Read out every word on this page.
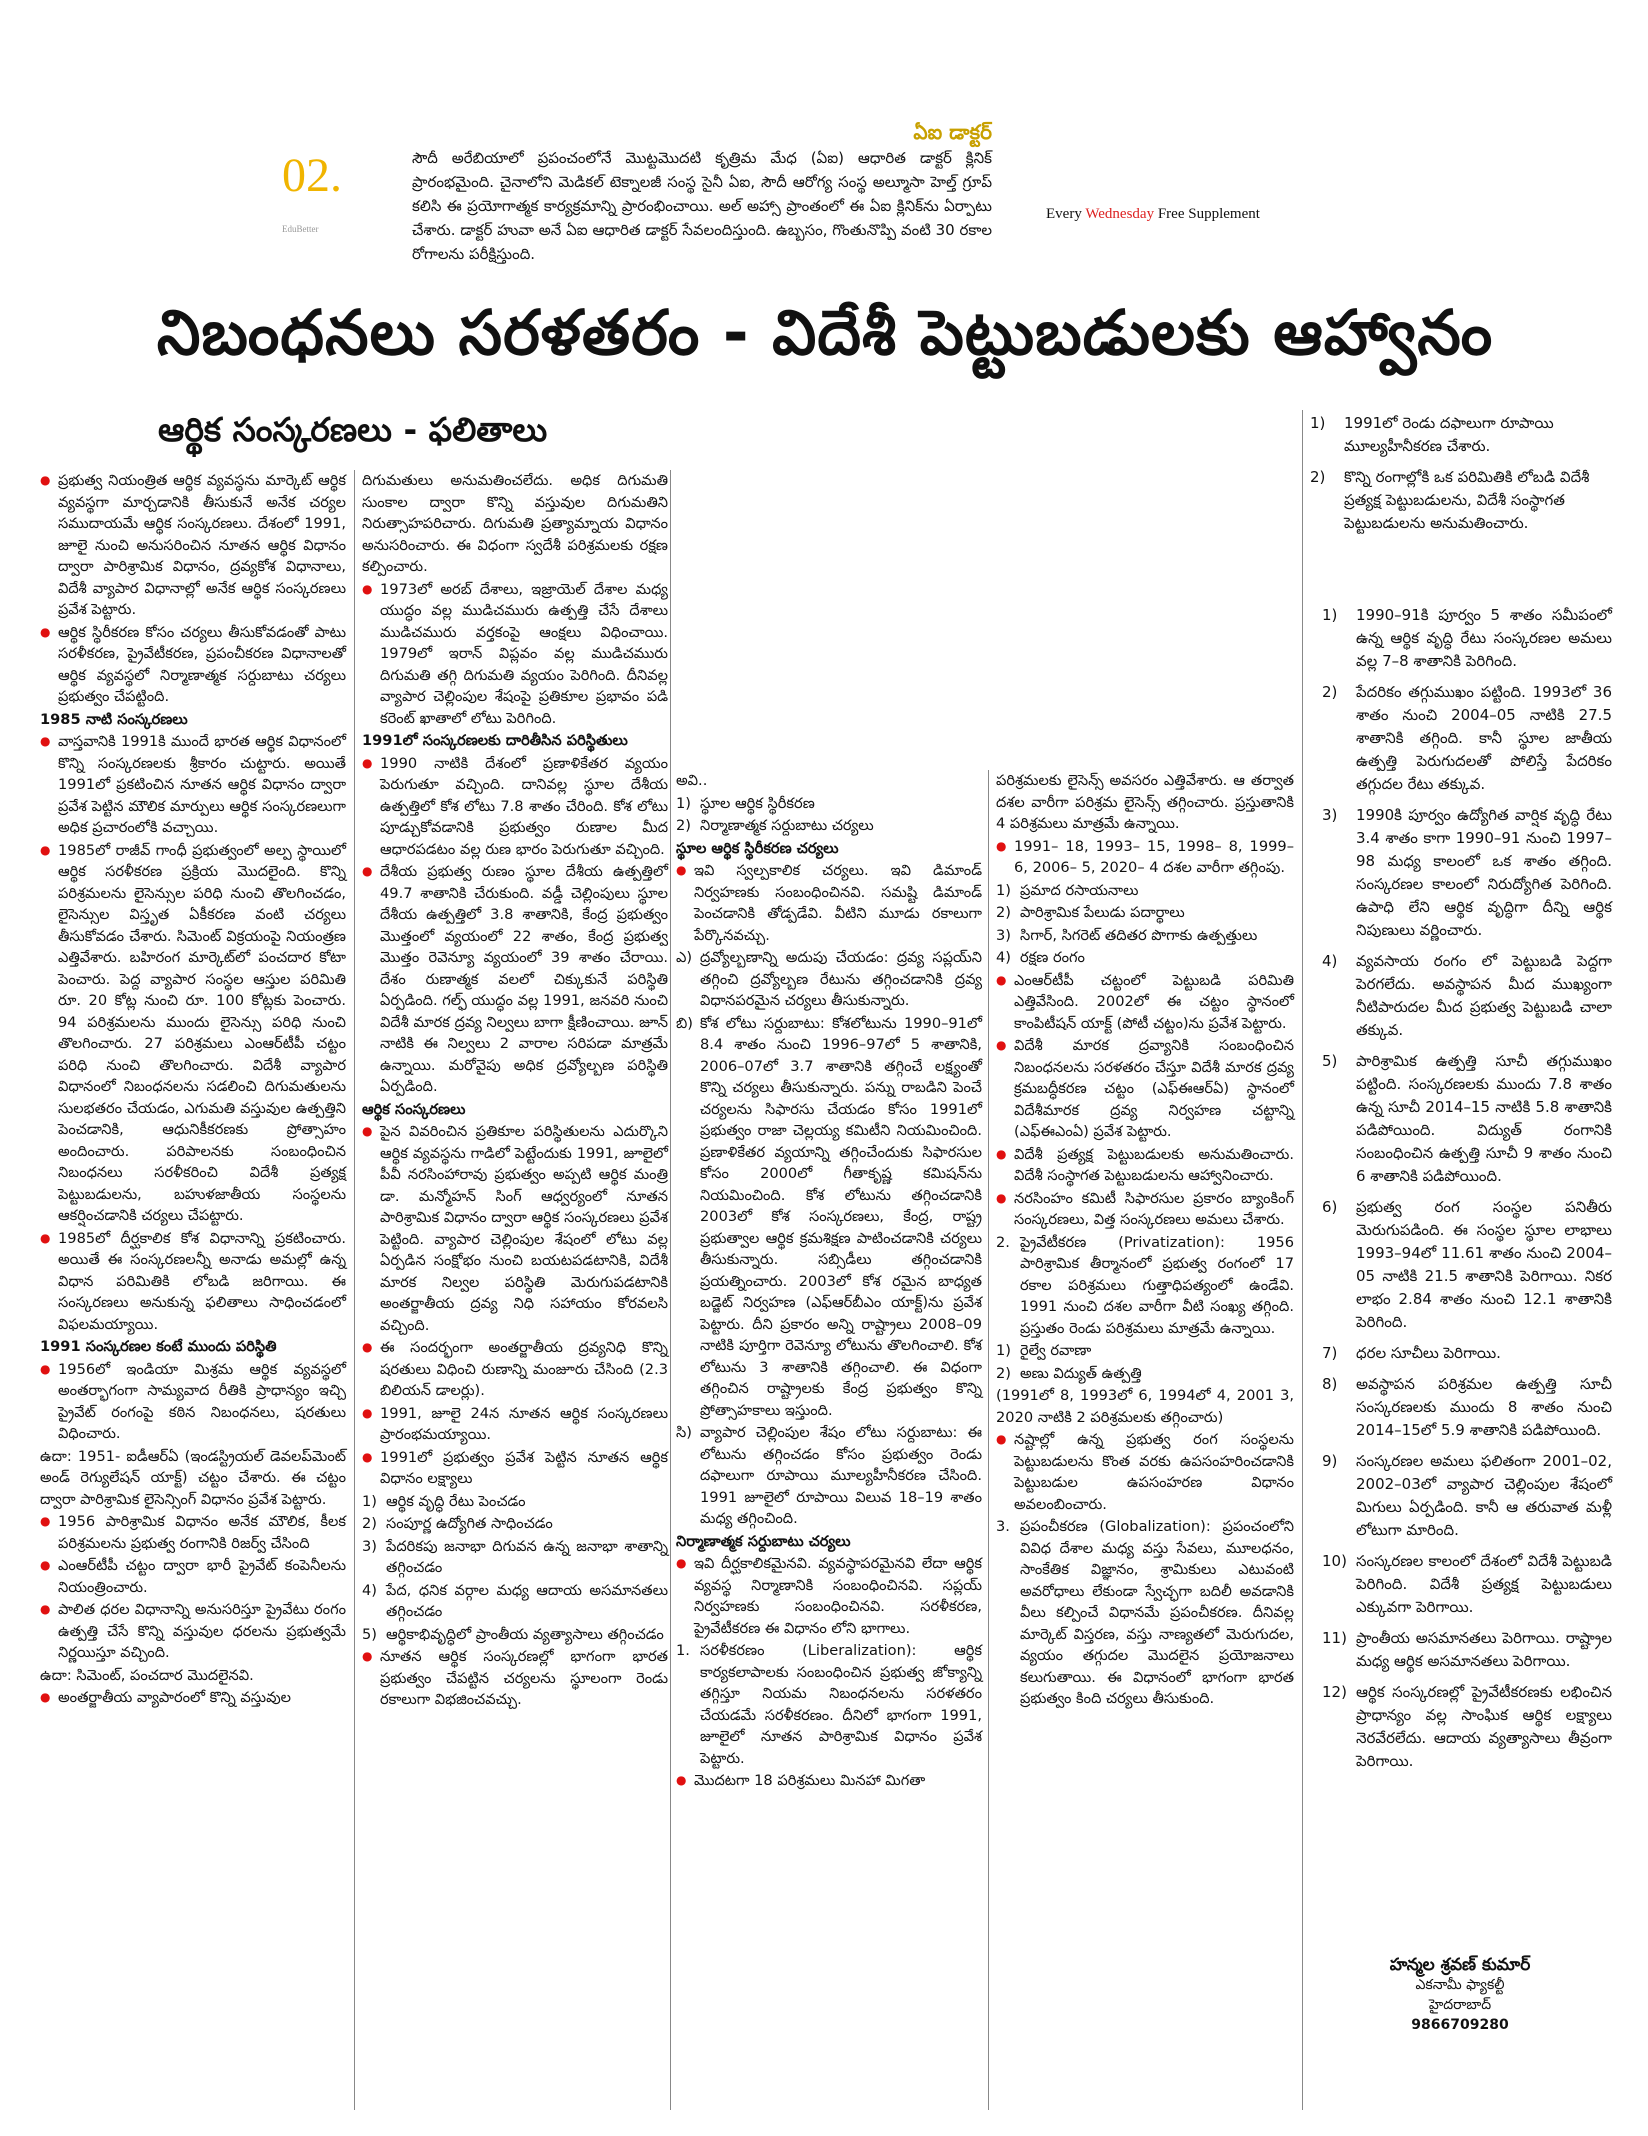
02.
EduBetter
ఏఐ డాక్టర్
సౌదీ అరేబియాలో ప్రపంచంలోనే మొట్టమొదటి కృత్రిమ మేధ (ఏఐ) ఆధారిత డాక్టర్ క్లినిక్ ప్రారంభమైంది. చైనాలోని మెడికల్ టెక్నాలజీ సంస్థ సైనీ ఏఐ, సౌదీ ఆరోగ్య సంస్థ అల్మూసా హెల్త్ గ్రూప్ కలిసి ఈ ప్రయోగాత్మక కార్యక్రమాన్ని ప్రారంభించాయి. అల్ అహ్సా ప్రాంతంలో ఈ ఏఐ క్లినిక్‌ను ఏర్పాటు చేశారు. డాక్టర్ హువా అనే ఏఐ ఆధారిత డాక్టర్ సేవలందిస్తుంది. ఉబ్బసం, గొంతునొప్పి వంటి 30 రకాల రోగాలను పరీక్షిస్తుంది.
Every Wednesday Free Supplement
నిబంధనలు సరళతరం - విదేశీ పెట్టుబడులకు ఆహ్వానం
ఆర్థిక సంస్కరణలు - ఫలితాలు

● ప్రభుత్వ నియంత్రిత ఆర్థిక వ్యవస్థను మార్కెట్ ఆర్థిక వ్యవస్థగా మార్చడానికి తీసుకునే అనేక చర్యల సముదాయమే ఆర్థిక సంస్కరణలు. దేశంలో 1991, జూలై నుంచి అనుసరించిన నూతన ఆర్థిక విధానం ద్వారా పారిశ్రామిక విధానం, ద్రవ్యకోశ విధానాలు, విదేశీ వ్యాపార విధానాల్లో అనేక ఆర్థిక సంస్కరణలు ప్రవేశ పెట్టారు.

● ఆర్థిక స్థిరీకరణ కోసం చర్యలు తీసుకోవడంతో పాటు సరళీకరణ, ప్రైవేటీకరణ, ప్రపంచీకరణ విధానాలతో ఆర్థిక వ్యవస్థలో నిర్మాణాత్మక సర్దుబాటు చర్యలు ప్రభుత్వం చేపట్టింది.

1985 నాటి సంస్కరణలు

● వాస్తవానికి 1991కి ముందే భారత ఆర్థిక విధానంలో కొన్ని సంస్కరణలకు శ్రీకారం చుట్టారు. అయితే 1991లో ప్రకటించిన నూతన ఆర్థిక విధానం ద్వారా ప్రవేశ పెట్టిన మౌలిక మార్పులు ఆర్థిక సంస్కరణలుగా అధిక ప్రచారంలోకి వచ్చాయి.

● 1985లో రాజీవ్ గాంధీ ప్రభుత్వంలో అల్ప స్థాయిలో ఆర్థిక సరళీకరణ ప్రక్రియ మొదలైంది. కొన్ని పరిశ్రమలను లైసెన్సుల పరిధి నుంచి తొలగించడం, లైసెన్సుల విస్తృత ఏకీకరణ వంటి చర్యలు తీసుకోవడం చేశారు. సిమెంట్ విక్రయంపై నియంత్రణ ఎత్తివేశారు. బహిరంగ మార్కెట్‌లో పంచదార కోటా పెంచారు. పెద్ద వ్యాపార సంస్థల ఆస్తుల పరిమితి రూ. 20 కోట్ల నుంచి రూ. 100 కోట్లకు పెంచారు. 94 పరిశ్రమలను ముందు లైసెన్సు పరిధి నుంచి తొలగించారు. 27 పరిశ్రమలు ఎంఆర్‌టీపీ చట్టం పరిధి నుంచి తొలగించారు. విదేశీ వ్యాపార విధానంలో నిబంధనలను సడలించి దిగుమతులను సులభతరం చేయడం, ఎగుమతి వస్తువుల ఉత్పత్తిని పెంచడానికి, ఆధునికీకరణకు ప్రోత్సాహం అందించారు. పరిపాలనకు సంబంధించిన నిబంధనలు సరళీకరించి విదేశీ ప్రత్యక్ష పెట్టుబడులను, బహుళజాతీయ సంస్థలను ఆకర్షించడానికి చర్యలు చేపట్టారు.

● 1985లో దీర్ఘకాలిక కోశ విధానాన్ని ప్రకటించారు. అయితే ఈ సంస్కరణలన్నీ అనాడు అమల్లో ఉన్న విధాన పరిమితికి లోబడి జరిగాయి. ఈ సంస్కరణలు అనుకున్న ఫలితాలు సాధించడంలో విఫలమయ్యాయి.

1991 సంస్కరణల కంటే ముందు పరిస్థితి

● 1956లో ఇండియా మిశ్రమ ఆర్థిక వ్యవస్థలో అంతర్భాగంగా సామ్యవాద రీతికి ప్రాధాన్యం ఇచ్చి ప్రైవేట్ రంగంపై కఠిన నిబంధనలు, షరతులు విధించారు.

ఉదా: 1951- ఐడీఆర్‌ఏ (ఇండస్ట్రియల్ డెవలప్‌మెంట్ అండ్ రెగ్యులేషన్ యాక్ట్) చట్టం చేశారు. ఈ చట్టం ద్వారా పారిశ్రామిక లైసెన్సింగ్ విధానం ప్రవేశ పెట్టారు.

● 1956 పారిశ్రామిక విధానం అనేక మౌలిక, కీలక పరిశ్రమలను ప్రభుత్వ రంగానికి రిజర్వ్ చేసింది

● ఎంఆర్‌టీపీ చట్టం ద్వారా భారీ ప్రైవేట్ కంపెనీలను నియంత్రించారు.

● పాలిత ధరల విధానాన్ని అనుసరిస్తూ ప్రైవేటు రంగం ఉత్పత్తి చేసే కొన్ని వస్తువుల ధరలను ప్రభుత్వమే నిర్ణయిస్తూ వచ్చింది.

ఉదా: సిమెంట్, పంచదార మొదలైనవి.

● అంతర్జాతీయ వ్యాపారంలో కొన్ని వస్తువుల

దిగుమతులు అనుమతించలేదు. అధిక దిగుమతి సుంకాల ద్వారా కొన్ని వస్తువుల దిగుమతిని నిరుత్సాహపరిచారు. దిగుమతి ప్రత్యామ్నాయ విధానం అనుసరించారు. ఈ విధంగా స్వదేశీ పరిశ్రమలకు రక్షణ కల్పించారు.

● 1973లో అరబ్ దేశాలు, ఇజ్రాయెల్ దేశాల మధ్య యుద్ధం వల్ల ముడిచమురు ఉత్పత్తి చేసే దేశాలు ముడిచమురు వర్తకంపై ఆంక్షలు విధించాయి. 1979లో ఇరాన్ విప్లవం వల్ల ముడిచమురు దిగుమతి తగ్గి దిగుమతి వ్యయం పెరిగింది. దీనివల్ల వ్యాపార చెల్లింపుల శేషంపై ప్రతికూల ప్రభావం పడి కరెంట్ ఖాతాలో లోటు పెరిగింది.

1991లో సంస్కరణలకు దారితీసిన పరిస్థితులు

● 1990 నాటికి దేశంలో ప్రణాళికేతర వ్యయం పెరుగుతూ వచ్చింది. దానివల్ల స్థూల దేశీయ ఉత్పత్తిలో కోశ లోటు 7.8 శాతం చేరింది. కోశ లోటు పూడ్చుకోవడానికి ప్రభుత్వం రుణాల మీద ఆధారపడటం వల్ల రుణ భారం పెరుగుతూ వచ్చింది.

● దేశీయ ప్రభుత్వ రుణం స్థూల దేశీయ ఉత్పత్తిలో 49.7 శాతానికి చేరుకుంది. వడ్డీ చెల్లింపులు స్థూల దేశీయ ఉత్పత్తిలో 3.8 శాతానికి, కేంద్ర ప్రభుత్వం మొత్తంలో వ్యయంలో 22 శాతం, కేంద్ర ప్రభుత్వ మొత్తం రెవెన్యూ వ్యయంలో 39 శాతం చేరాయి. దేశం రుణాత్మక వలలో చిక్కుకునే పరిస్థితి ఏర్పడింది. గల్ఫ్ యుద్ధం వల్ల 1991, జనవరి నుంచి విదేశీ మారక ద్రవ్య నిల్వలు బాగా క్షీణించాయి. జూన్ నాటికి ఈ నిల్వలు 2 వారాల సరిపడా మాత్రమే ఉన్నాయి. మరోవైపు అధిక ద్రవ్యోల్బణ పరిస్థితి ఏర్పడింది.

ఆర్థిక సంస్కరణలు

● పైన వివరించిన ప్రతికూల పరిస్థితులను ఎదుర్కొని ఆర్థిక వ్యవస్థను గాడిలో పెట్టేందుకు 1991, జూలైలో పీవీ నరసింహారావు ప్రభుత్వం అప్పటి ఆర్థిక మంత్రి డా. మన్మోహన్ సింగ్ ఆధ్వర్యంలో నూతన పారిశ్రామిక విధానం ద్వారా ఆర్థిక సంస్కరణలు ప్రవేశ పెట్టింది. వ్యాపార చెల్లింపుల శేషంలో లోటు వల్ల ఏర్పడిన సంక్షోభం నుంచి బయటపడటానికి, విదేశీ మారక నిల్వల పరిస్థితి మెరుగుపడటానికి అంతర్జాతీయ ద్రవ్య నిధి సహాయం కోరవలసి వచ్చింది.

● ఈ సందర్భంగా అంతర్జాతీయ ద్రవ్యనిధి కొన్ని షరతులు విధించి రుణాన్ని మంజూరు చేసింది (2.3 బిలియన్ డాలర్లు).

● 1991, జూలై 24న నూతన ఆర్థిక సంస్కరణలు ప్రారంభమయ్యాయి.

● 1991లో ప్రభుత్వం ప్రవేశ పెట్టిన నూతన ఆర్థిక విధానం లక్ష్యాలు

1) ఆర్థిక వృద్ధి రేటు పెంచడం

2) సంపూర్ణ ఉద్యోగిత సాధించడం

3) పేదరికపు జనాభా దిగువన ఉన్న జనాభా శాతాన్ని తగ్గించడం

4) పేద, ధనిక వర్గాల మధ్య ఆదాయ అసమానతలు తగ్గించడం

5) ఆర్థికాభివృద్ధిలో ప్రాంతీయ వ్యత్యాసాలు తగ్గించడం

● నూతన ఆర్థిక సంస్కరణల్లో భాగంగా భారత ప్రభుత్వం చేపట్టిన చర్యలను స్థూలంగా రెండు రకాలుగా విభజించవచ్చు.

అవి..

1) స్థూల ఆర్థిక స్థిరీకరణ

2) నిర్మాణాత్మక సర్దుబాటు చర్యలు

స్థూల ఆర్థిక స్థిరీకరణ చర్యలు

● ఇవి స్వల్పకాలిక చర్యలు. ఇవి డిమాండ్ నిర్వహణకు సంబంధించినవి. సమష్టి డిమాండ్ పెంచడానికి తోడ్పడేవి. వీటిని మూడు రకాలుగా పేర్కొనవచ్చు.

ఎ) ద్రవ్యోల్బణాన్ని అదుపు చేయడం: ద్రవ్య సప్లయ్‌ని తగ్గించి ద్రవ్యోల్బణ రేటును తగ్గించడానికి ద్రవ్య విధానపరమైన చర్యలు తీసుకున్నారు.

బి) కోశ లోటు సర్దుబాటు: కోశలోటును 1990–91లో 8.4 శాతం నుంచి 1996–97లో 5 శాతానికి, 2006–07లో 3.7 శాతానికి తగ్గించే లక్ష్యంతో కొన్ని చర్యలు తీసుకున్నారు. పన్ను రాబడిని పెంచే చర్యలను సిఫారసు చేయడం కోసం 1991లో ప్రభుత్వం రాజా చెల్లయ్య కమిటీని నియమించింది. ప్రణాళికేతర వ్యయాన్ని తగ్గించేందుకు సిఫారసుల కోసం 2000లో గీతాకృష్ణ కమిషన్‌ను నియమించింది. కోశ లోటును తగ్గించడానికి 2003లో కోశ సంస్కరణలు, కేంద్ర, రాష్ట్ర ప్రభుత్వాల ఆర్థిక క్రమశిక్షణ పాటించడానికి చర్యలు తీసుకున్నారు. సబ్సిడీలు తగ్గించడానికి ప్రయత్నించారు. 2003లో కోశ రమైన బాధ్యత బడ్జెట్ నిర్వహణ (ఎఫ్‌ఆర్‌బీఎం యాక్ట్)ను ప్రవేశ పెట్టారు. దీని ప్రకారం అన్ని రాష్ట్రాలు 2008–09 నాటికి పూర్తిగా రెవెన్యూ లోటును తొలగించాలి. కోశ లోటును 3 శాతానికి తగ్గించాలి. ఈ విధంగా తగ్గించిన రాష్ట్రాలకు కేంద్ర ప్రభుత్వం కొన్ని ప్రోత్సాహకాలు ఇస్తుంది.

సి) వ్యాపార చెల్లింపుల శేషం లోటు సర్దుబాటు: ఈ లోటును తగ్గించడం కోసం ప్రభుత్వం రెండు దఫాలుగా రూపాయి మూల్యహీనీకరణ చేసింది. 1991 జూలైలో రూపాయి విలువ 18–19 శాతం మధ్య తగ్గించింది.

నిర్మాణాత్మక సర్దుబాటు చర్యలు

● ఇవి దీర్ఘకాలికమైనవి. వ్యవస్థాపరమైనవి లేదా ఆర్థిక వ్యవస్థ నిర్మాణానికి సంబంధించినవి. సప్లయ్ నిర్వహణకు సంబంధించినవి. సరళీకరణ, ప్రైవేటీకరణ ఈ విధానం లోని భాగాలు.

1. సరళీకరణం (Liberalization): ఆర్థిక కార్యకలాపాలకు సంబంధించిన ప్రభుత్వ జోక్యాన్ని తగ్గిస్తూ నియమ నిబంధనలను సరళతరం చేయడమే సరళీకరణం. దీనిలో భాగంగా 1991, జూలైలో నూతన పారిశ్రామిక విధానం ప్రవేశ పెట్టారు.

● మొదటగా 18 పరిశ్రమలు మినహా మిగతా

పరిశ్రమలకు లైసెన్స్ అవసరం ఎత్తివేశారు. ఆ తర్వాత దశల వారీగా పరిశ్రమ లైసెన్స్ తగ్గించారు. ప్రస్తుతానికి 4 పరిశ్రమలు మాత్రమే ఉన్నాయి.

● 1991– 18, 1993– 15, 1998– 8, 1999– 6, 2006– 5, 2020– 4 దశల వారీగా తగ్గింపు.

1) ప్రమాద రసాయనాలు

2) పారిశ్రామిక పేలుడు పదార్థాలు

3) సిగార్, సిగరెట్ తదితర పొగాకు ఉత్పత్తులు

4) రక్షణ రంగం

● ఎంఆర్‌టీపీ చట్టంలో పెట్టుబడి పరిమితి ఎత్తివేసింది. 2002లో ఈ చట్టం స్థానంలో కాంపిటీషన్ యాక్ట్ (పోటీ చట్టం)ను ప్రవేశ పెట్టారు.

● విదేశీ మారక ద్రవ్యానికి సంబంధించిన నిబంధనలను సరళతరం చేస్తూ విదేశీ మారక ద్రవ్య క్రమబద్ధీకరణ చట్టం (ఎఫ్ఈఆర్ఏ) స్థానంలో విదేశీమారక ద్రవ్య నిర్వహణ చట్టాన్ని (ఎఫ్ఈఎంఏ) ప్రవేశ పెట్టారు.

● విదేశీ ప్రత్యక్ష పెట్టుబడులకు అనుమతించారు. విదేశీ సంస్థాగత పెట్టుబడులను ఆహ్వానించారు.

● నరసింహం కమిటీ సిఫారసుల ప్రకారం బ్యాంకింగ్ సంస్కరణలు, విత్త సంస్కరణలు అమలు చేశారు.

2. ప్రైవేటీకరణ (Privatization): 1956 పారిశ్రామిక తీర్మానంలో ప్రభుత్వ రంగంలో 17 రకాల పరిశ్రమలు గుత్తాధిపత్యంలో ఉండేవి. 1991 నుంచి దశల వారీగా వీటి సంఖ్య తగ్గింది. ప్రస్తుతం రెండు పరిశ్రమలు మాత్రమే ఉన్నాయి.

1) రైల్వే రవాణా

2) అణు విద్యుత్ ఉత్పత్తి

(1991లో 8, 1993లో 6, 1994లో 4, 2001 3, 2020 నాటికి 2 పరిశ్రమలకు తగ్గించారు)

● నష్టాల్లో ఉన్న ప్రభుత్వ రంగ సంస్థలను పెట్టుబడులను కొంత వరకు ఉపసంహరించడానికి పెట్టుబడుల ఉపసంహరణ విధానం అవలంబించారు.

3. ప్రపంచీకరణ (Globalization): ప్రపంచంలోని వివిధ దేశాల మధ్య వస్తు సేవలు, మూలధనం, సాంకేతిక విజ్ఞానం, శ్రామికులు ఎటువంటి అవరోధాలు లేకుండా స్వేచ్ఛగా బదిలీ అవడానికి వీలు కల్పించే విధానమే ప్రపంచీకరణ. దీనివల్ల మార్కెట్ విస్తరణ, వస్తు నాణ్యతలో మెరుగుదల, వ్యయం తగ్గుదల మొదలైన ప్రయోజనాలు కలుగుతాయి. ఈ విధానంలో భాగంగా భారత ప్రభుత్వం కింది చర్యలు తీసుకుంది.

1) 1991లో రెండు దఫాలుగా రూపాయి మూల్యహీనీకరణ చేశారు.

2) కొన్ని రంగాల్లోకి ఒక పరిమితికి లోబడి విదేశీ ప్రత్యక్ష పెట్టుబడులను, విదేశీ సంస్థాగత పెట్టుబడులను అనుమతించారు.

1) 1990–91కి పూర్వం 5 శాతం సమీపంలో ఉన్న ఆర్థిక వృద్ధి రేటు సంస్కరణల అమలు వల్ల 7–8 శాతానికి పెరిగింది.

2) పేదరికం తగ్గుముఖం పట్టింది. 1993లో 36 శాతం నుంచి 2004–05 నాటికి 27.5 శాతానికి తగ్గింది. కానీ స్థూల జాతీయ ఉత్పత్తి పెరుగుదలతో పోలిస్తే పేదరికం తగ్గుదల రేటు తక్కువ.

3) 1990కి పూర్వం ఉద్యోగిత వార్షిక వృద్ధి రేటు 3.4 శాతం కాగా 1990–91 నుంచి 1997–98 మధ్య కాలంలో ఒక శాతం తగ్గింది. సంస్కరణల కాలంలో నిరుద్యోగిత పెరిగింది. ఉపాధి లేని ఆర్థిక వృద్ధిగా దీన్ని ఆర్థిక నిపుణులు వర్ణించారు.

4) వ్యవసాయ రంగం లో పెట్టుబడి పెద్దగా పెరగలేదు. అవస్థాపన మీద ముఖ్యంగా నీటిపారుదల మీద ప్రభుత్వ పెట్టుబడి చాలా తక్కువ.

5) పారిశ్రామిక ఉత్పత్తి సూచీ తగ్గుముఖం పట్టింది. సంస్కరణలకు ముందు 7.8 శాతం ఉన్న సూచీ 2014–15 నాటికి 5.8 శాతానికి పడిపోయింది. విద్యుత్ రంగానికి సంబంధించిన ఉత్పత్తి సూచీ 9 శాతం నుంచి 6 శాతానికి పడిపోయింది.

6) ప్రభుత్వ రంగ సంస్థల పనితీరు మెరుగుపడింది. ఈ సంస్థల స్థూల లాభాలు 1993–94లో 11.61 శాతం నుంచి 2004–05 నాటికి 21.5 శాతానికి పెరిగాయి. నికర లాభం 2.84 శాతం నుంచి 12.1 శాతానికి పెరిగింది.

7) ధరల సూచీలు పెరిగాయి.

8) అవస్థాపన పరిశ్రమల ఉత్పత్తి సూచీ సంస్కరణలకు ముందు 8 శాతం నుంచి 2014–15లో 5.9 శాతానికి పడిపోయింది.

9) సంస్కరణల అమలు ఫలితంగా 2001–02, 2002–03లో వ్యాపార చెల్లింపుల శేషంలో మిగులు ఏర్పడింది. కానీ ఆ తరువాత మళ్లీ లోటుగా మారింది.

10) సంస్కరణల కాలంలో దేశంలో విదేశీ పెట్టుబడి పెరిగింది. విదేశీ ప్రత్యక్ష పెట్టుబడులు ఎక్కువగా పెరిగాయి.

11) ప్రాంతీయ అసమానతలు పెరిగాయి. రాష్ట్రాల మధ్య ఆర్థిక అసమానతలు పెరిగాయి.

12) ఆర్థిక సంస్కరణల్లో ప్రైవేటీకరణకు లభించిన ప్రాధాన్యం వల్ల సాంఘిక ఆర్థిక లక్ష్యాలు నెరవేరలేదు. ఆదాయ వ్యత్యాసాలు తీవ్రంగా పెరిగాయి.

హన్మల శ్రవణ్ కుమార్
ఎకనామీ ఫ్యాకల్టీ
హైదరాబాద్
9866709280
